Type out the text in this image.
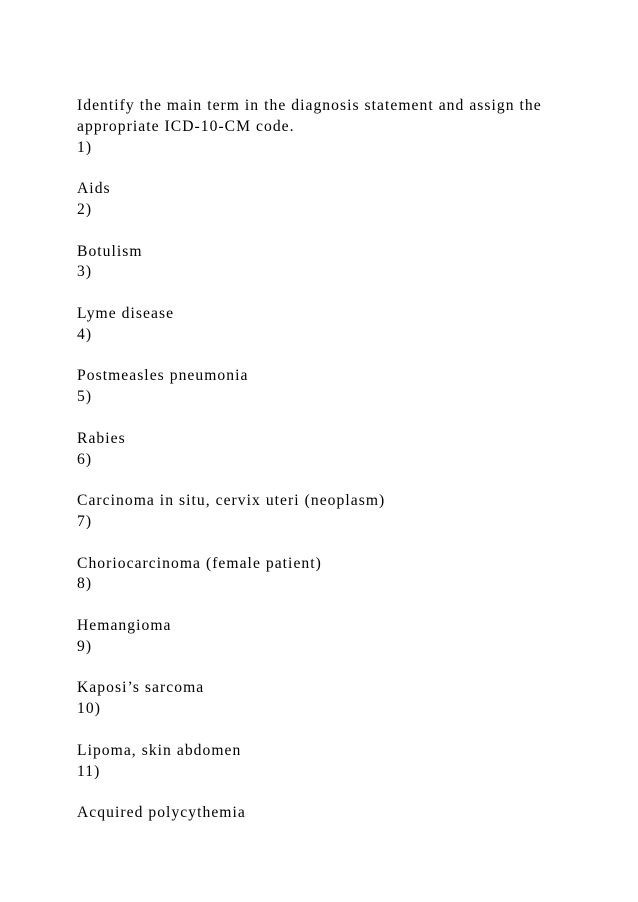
Identify the main term in the diagnosis statement and assign the
appropriate ICD-10-CM code.
1)
Aids
2)
Botulism
3)
Lyme disease
4)
Postmeasles pneumonia
5)
Rabies
6)
Carcinoma in situ, cervix uteri (neoplasm)
7)
Choriocarcinoma (female patient)
8)
Hemangioma
9)
Kaposi’s sarcoma
10)
Lipoma, skin abdomen
11)
Acquired polycythemia
